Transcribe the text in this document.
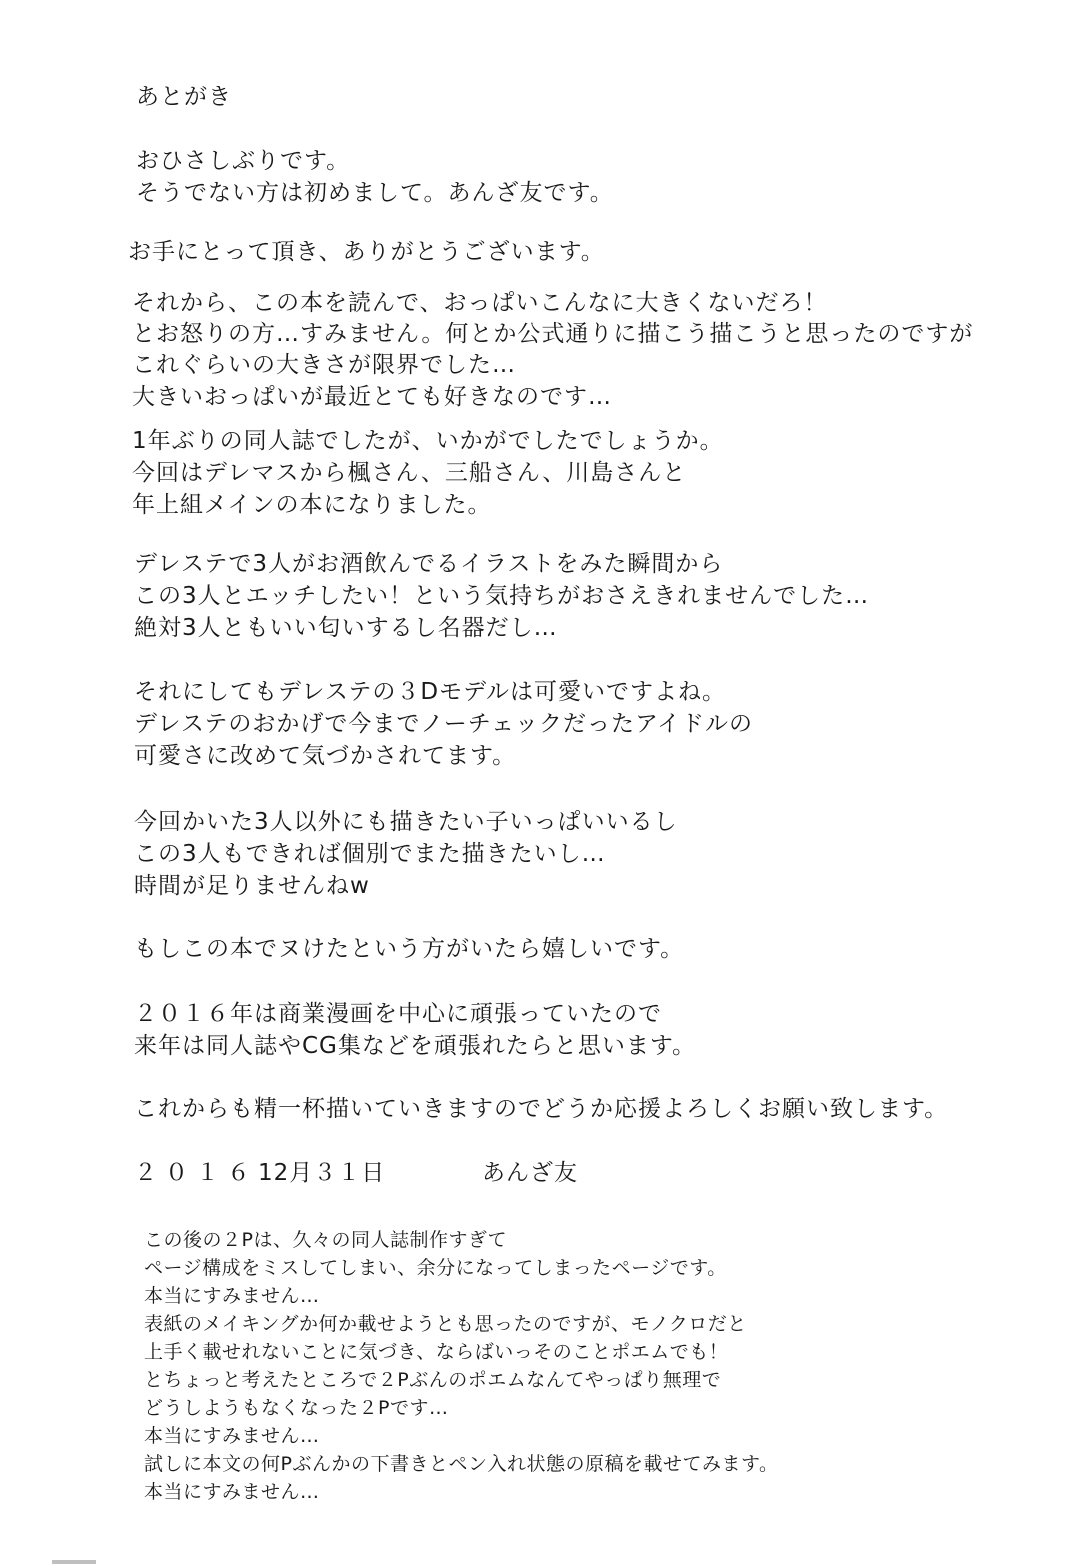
あとがき
おひさしぶりです。
そうでない方は初めまして。あんざ友です。
お手にとって頂き、ありがとうございます。
それから、この本を読んで、おっぱいこんなに大きくないだろ！
とお怒りの方…すみません。何とか公式通りに描こう描こうと思ったのですが
これぐらいの大きさが限界でした…
大きいおっぱいが最近とても好きなのです…
1年ぶりの同人誌でしたが、いかがでしたでしょうか。
今回はデレマスから楓さん、三船さん、川島さんと
年上組メインの本になりました。
デレステで3人がお酒飲んでるイラストをみた瞬間から
この3人とエッチしたい！という気持ちがおさえきれませんでした…
絶対3人ともいい匂いするし名器だし…
それにしてもデレステの３Dモデルは可愛いですよね。
デレステのおかげで今までノーチェックだったアイドルの
可愛さに改めて気づかされてます。
今回かいた3人以外にも描きたい子いっぱいいるし
この3人もできれば個別でまた描きたいし…
時間が足りませんねw
もしこの本でヌけたという方がいたら嬉しいです。
２０１６年は商業漫画を中心に頑張っていたので
来年は同人誌やCG集などを頑張れたらと思います。
これからも精一杯描いていきますのでどうか応援よろしくお願い致します。
２０１６ 12月３１日	あんざ友
この後の２Pは、久々の同人誌制作すぎて
ページ構成をミスしてしまい、余分になってしまったページです。
本当にすみません…
表紙のメイキングか何か載せようとも思ったのですが、モノクロだと
上手く載せれないことに気づき、ならばいっそのことポエムでも！
とちょっと考えたところで２Pぶんのポエムなんてやっぱり無理で
どうしようもなくなった２Pです…
本当にすみません…
試しに本文の何Pぶんかの下書きとペン入れ状態の原稿を載せてみます。
本当にすみません…
